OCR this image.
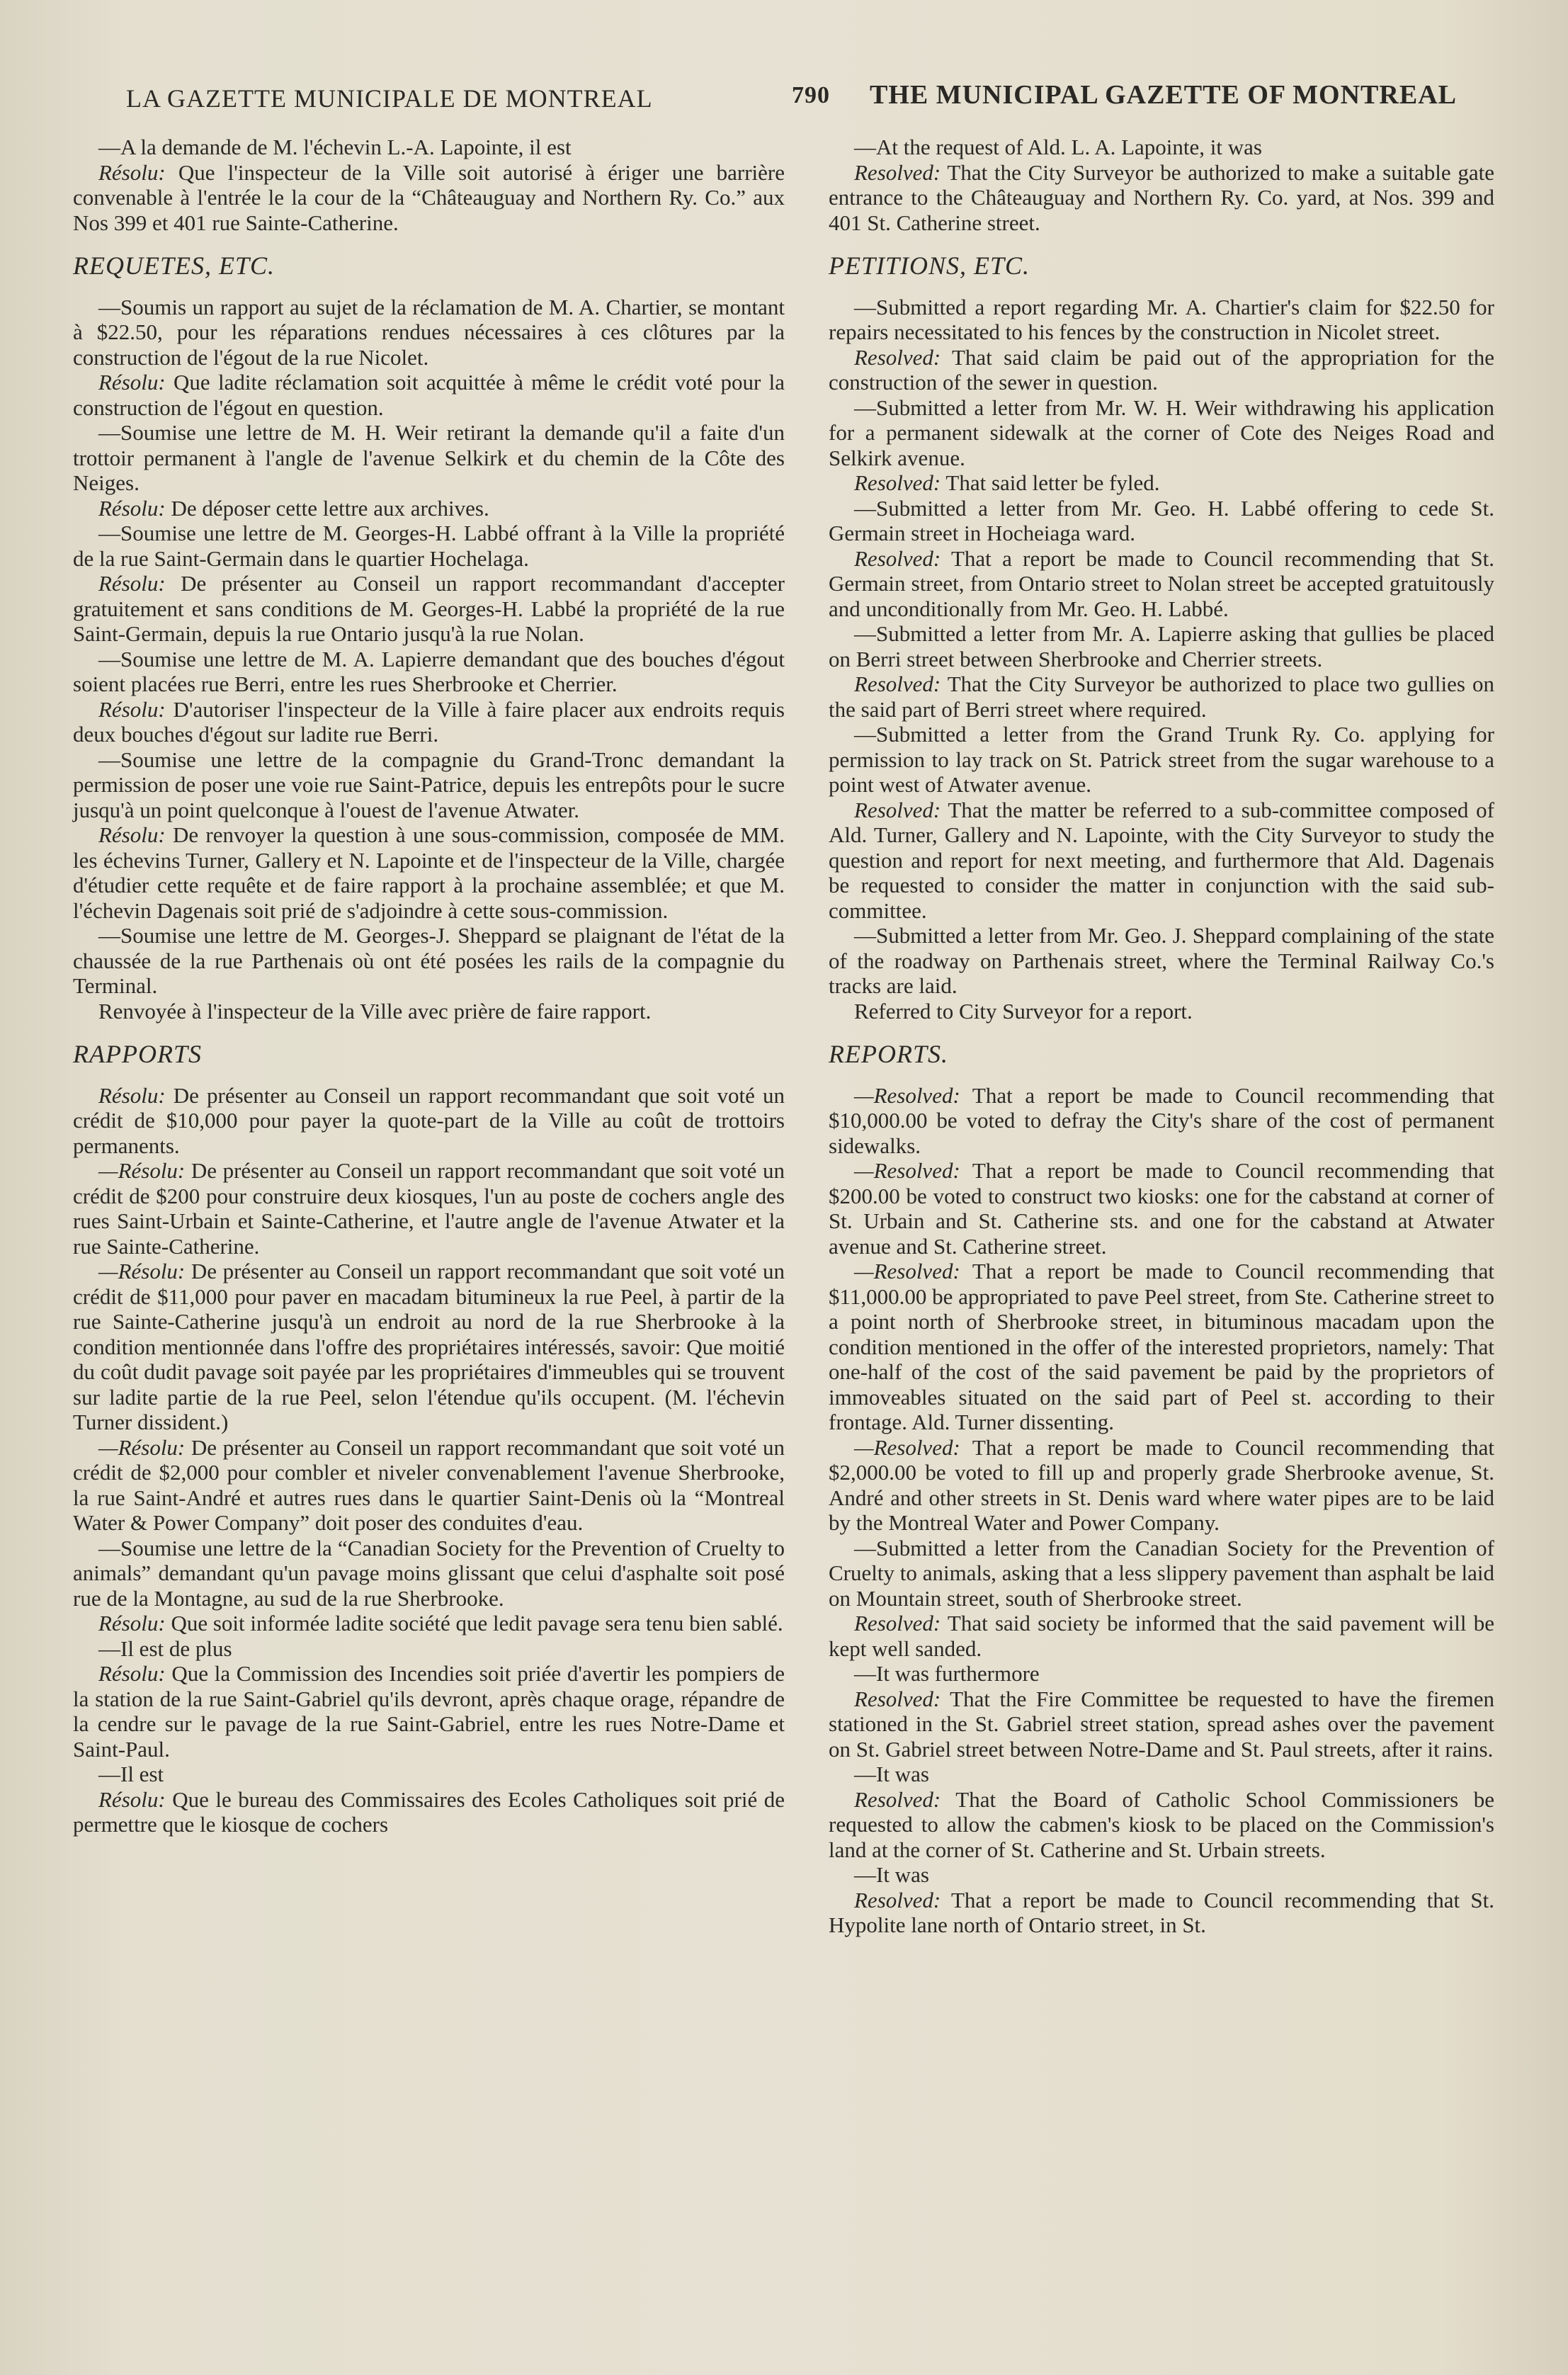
LA GAZETTE MUNICIPALE DE MONTREAL	790 THE MUNICIPAL GAZETTE OF MONTREAL

—A la demande de M. l'échevin L.-A. Lapointe, il est

Résolu: Que l'inspecteur de la Ville soit autorisé à ériger une barrière convenable à l'entrée le la cour de la “Châteauguay and Northern Ry. Co.” aux Nos 399 et 401 rue Sainte-Catherine.

REQUETES, ETC.

—Soumis un rapport au sujet de la réclamation de M. A. Chartier, se montant à $22.50, pour les réparations rendues nécessaires à ces clôtures par la construction de l'égout de la rue Nicolet.

Résolu: Que ladite réclamation soit acquittée à même le crédit voté pour la construction de l'égout en question.

—Soumise une lettre de M. H. Weir retirant la demande qu'il a faite d'un trottoir permanent à l'angle de l'avenue Selkirk et du chemin de la Côte des Neiges.

Résolu: De déposer cette lettre aux archives.

—Soumise une lettre de M. Georges-H. Labbé offrant à la Ville la propriété de la rue Saint-Germain dans le quartier Hochelaga.

Résolu: De présenter au Conseil un rapport recommandant d'accepter gratuitement et sans conditions de M. Georges-H. Labbé la propriété de la rue Saint-Germain, depuis la rue Ontario jusqu'à la rue Nolan.

—Soumise une lettre de M. A. Lapierre demandant que des bouches d'égout soient placées rue Berri, entre les rues Sherbrooke et Cherrier.

Résolu: D'autoriser l'inspecteur de la Ville à faire placer aux endroits requis deux bouches d'égout sur ladite rue Berri.

—Soumise une lettre de la compagnie du Grand-Tronc demandant la permission de poser une voie rue Saint-Patrice, depuis les entrepôts pour le sucre jusqu'à un point quelconque à l'ouest de l'avenue Atwater.

Résolu: De renvoyer la question à une sous-commission, composée de MM. les échevins Turner, Gallery et N. Lapointe et de l'inspecteur de la Ville, chargée d'étudier cette requête et de faire rapport à la prochaine assemblée; et que M. l'échevin Dagenais soit prié de s'adjoindre à cette sous-commission.

—Soumise une lettre de M. Georges-J. Sheppard se plaignant de l'état de la chaussée de la rue Parthenais où ont été posées les rails de la compagnie du Terminal.

Renvoyée à l'inspecteur de la Ville avec prière de faire rapport.

RAPPORTS

Résolu: De présenter au Conseil un rapport recommandant que soit voté un crédit de $10,000 pour payer la quote-part de la Ville au coût de trottoirs permanents.

—Résolu: De présenter au Conseil un rapport recommandant que soit voté un crédit de $200 pour construire deux kiosques, l'un au poste de cochers angle des rues Saint-Urbain et Sainte-Catherine, et l'autre angle de l'avenue Atwater et la rue Sainte-Catherine.

—Résolu: De présenter au Conseil un rapport recommandant que soit voté un crédit de $11,000 pour paver en macadam bitumineux la rue Peel, à partir de la rue Sainte-Catherine jusqu'à un endroit au nord de la rue Sherbrooke à la condition mentionnée dans l'offre des propriétaires intéressés, savoir: Que moitié du coût dudit pavage soit payée par les propriétaires d'immeubles qui se trouvent sur ladite partie de la rue Peel, selon l'étendue qu'ils occupent. (M. l'échevin Turner dissident.)

—Résolu: De présenter au Conseil un rapport recommandant que soit voté un crédit de $2,000 pour combler et niveler convenablement l'avenue Sherbrooke, la rue Saint-André et autres rues dans le quartier Saint-Denis où la “Montreal Water & Power Company” doit poser des conduites d'eau.

—Soumise une lettre de la “Canadian Society for the Prevention of Cruelty to animals” demandant qu'un pavage moins glissant que celui d'asphalte soit posé rue de la Montagne, au sud de la rue Sherbrooke.

Résolu: Que soit informée ladite société que ledit pavage sera tenu bien sablé.

—Il est de plus

Résolu: Que la Commission des Incendies soit priée d'avertir les pompiers de la station de la rue Saint-Gabriel qu'ils devront, après chaque orage, répandre de la cendre sur le pavage de la rue Saint-Gabriel, entre les rues Notre-Dame et Saint-Paul.

—Il est

Résolu: Que le bureau des Commissaires des Ecoles Catholiques soit prié de permettre que le kiosque de cochers

—At the request of Ald. L. A. Lapointe, it was

Resolved: That the City Surveyor be authorized to make a suitable gate entrance to the Châteauguay and Northern Ry. Co. yard, at Nos. 399 and 401 St. Catherine street.

PETITIONS, ETC.

—Submitted a report regarding Mr. A. Chartier's claim for $22.50 for repairs necessitated to his fences by the construction in Nicolet street.

Resolved: That said claim be paid out of the appropriation for the construction of the sewer in question.

—Submitted a letter from Mr. W. H. Weir withdrawing his application for a permanent sidewalk at the corner of Cote des Neiges Road and Selkirk avenue.

Resolved: That said letter be fyled.

—Submitted a letter from Mr. Geo. H. Labbé offering to cede St. Germain street in Hocheiaga ward.

Resolved: That a report be made to Council recommending that St. Germain street, from Ontario street to Nolan street be accepted gratuitously and unconditionally from Mr. Geo. H. Labbé.

—Submitted a letter from Mr. A. Lapierre asking that gullies be placed on Berri street between Sherbrooke and Cherrier streets.

Resolved: That the City Surveyor be authorized to place two gullies on the said part of Berri street where required.

—Submitted a letter from the Grand Trunk Ry. Co. applying for permission to lay track on St. Patrick street from the sugar warehouse to a point west of Atwater avenue.

Resolved: That the matter be referred to a sub-committee composed of Ald. Turner, Gallery and N. Lapointe, with the City Surveyor to study the question and report for next meeting, and furthermore that Ald. Dagenais be requested to consider the matter in conjunction with the said sub-committee.

—Submitted a letter from Mr. Geo. J. Sheppard complaining of the state of the roadway on Parthenais street, where the Terminal Railway Co.'s tracks are laid.

Referred to City Surveyor for a report.

REPORTS.

—Resolved: That a report be made to Council recommending that $10,000.00 be voted to defray the City's share of the cost of permanent sidewalks.

—Resolved: That a report be made to Council recommending that $200.00 be voted to construct two kiosks: one for the cabstand at corner of St. Urbain and St. Catherine sts. and one for the cabstand at Atwater avenue and St. Catherine street.

—Resolved: That a report be made to Council recommending that $11,000.00 be appropriated to pave Peel street, from Ste. Catherine street to a point north of Sherbrooke street, in bituminous macadam upon the condition mentioned in the offer of the interested proprietors, namely: That one-half of the cost of the said pavement be paid by the proprietors of immoveables situated on the said part of Peel st. according to their frontage. Ald. Turner dissenting.

—Resolved: That a report be made to Council recommending that $2,000.00 be voted to fill up and properly grade Sherbrooke avenue, St. André and other streets in St. Denis ward where water pipes are to be laid by the Montreal Water and Power Company.

—Submitted a letter from the Canadian Society for the Prevention of Cruelty to animals, asking that a less slippery pavement than asphalt be laid on Mountain street, south of Sherbrooke street.

Resolved: That said society be informed that the said pavement will be kept well sanded.

—It was furthermore

Resolved: That the Fire Committee be requested to have the firemen stationed in the St. Gabriel street station, spread ashes over the pavement on St. Gabriel street between Notre-Dame and St. Paul streets, after it rains.

—It was

Resolved: That the Board of Catholic School Commissioners be requested to allow the cabmen's kiosk to be placed on the Commission's land at the corner of St. Catherine and St. Urbain streets.

—It was

Resolved: That a report be made to Council recommending that St. Hypolite lane north of Ontario street, in St.
